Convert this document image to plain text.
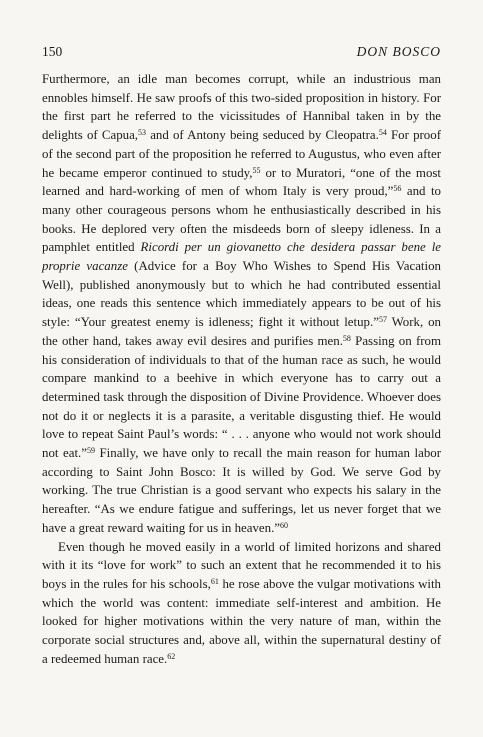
150	DON BOSCO

Furthermore, an idle man becomes corrupt, while an industrious man ennobles himself. He saw proofs of this two-sided proposition in history. For the first part he referred to the vicissitudes of Hannibal taken in by the delights of Capua,$^{53}$ and of Antony being seduced by Cleopatra.$^{54}$ For proof of the second part of the proposition he referred to Augustus, who even after he became emperor continued to study,$^{55}$ or to Muratori, “one of the most learned and hard-working of men of whom Italy is very proud,”$^{56}$ and to many other courageous persons whom he enthusiastically described in his books. He deplored very often the misdeeds born of sleepy idleness. In a pamphlet entitled Ricordi per un giovanetto che desidera passar bene le proprie vacanze (Advice for a Boy Who Wishes to Spend His Vacation Well), published anonymously but to which he had contributed essential ideas, one reads this sentence which immediately appears to be out of his style: “Your greatest enemy is idleness; fight it without letup.”$^{57}$ Work, on the other hand, takes away evil desires and purifies men.$^{58}$ Passing on from his consideration of individuals to that of the human race as such, he would compare mankind to a beehive in which everyone has to carry out a determined task through the disposition of Divine Providence. Whoever does not do it or neglects it is a parasite, a veritable disgusting thief. He would love to repeat Saint Paul’s words: “ . . . anyone who would not work should not eat.”$^{59}$ Finally, we have only to recall the main reason for human labor according to Saint John Bosco: It is willed by God. We serve God by working. The true Christian is a good servant who expects his salary in the hereafter. “As we endure fatigue and sufferings, let us never forget that we have a great reward waiting for us in heaven.”$^{60}$

Even though he moved easily in a world of limited horizons and shared with it its “love for work” to such an extent that he recommended it to his boys in the rules for his schools,$^{61}$ he rose above the vulgar motivations with which the world was content: immediate self-interest and ambition. He looked for higher motivations within the very nature of man, within the corporate social structures and, above all, within the supernatural destiny of a redeemed human race.$^{62}$
